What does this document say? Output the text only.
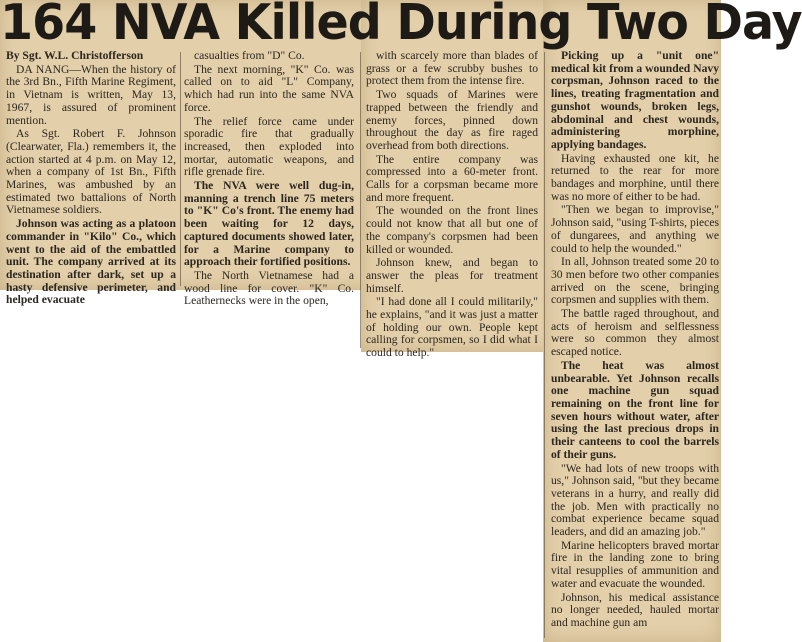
164 NVA Killed During Two Day

By Sgt. W.L. Christofferson

DA NANG—When the history of the 3rd Bn., Fifth Marine Regiment, in Vietnam is written, May 13, 1967, is assured of prominent mention.

As Sgt. Robert F. Johnson (Clearwater, Fla.) remembers it, the action started at 4 p.m. on May 12, when a company of 1st Bn., Fifth Marines, was ambushed by an estimated two battalions of North Vietnamese soldiers.

Johnson was acting as a platoon commander in "Kilo" Co., which went to the aid of the embattled unit. The company arrived at its destination after dark, set up a hasty defensive perimeter, and helped evacuate

casualties from "D" Co.

The next morning, "K" Co. was called on to aid "L" Company, which had run into the same NVA force.

The relief force came under sporadic fire that gradually increased, then exploded into mortar, automatic weapons, and rifle grenade fire.

The NVA were well dug-in, manning a trench line 75 meters to "K" Co's front. The enemy had been waiting for 12 days, captured documents showed later, for a Marine company to approach their fortified positions.

The North Vietnamese had a wood line for cover. "K" Co. Leathernecks were in the open,

with scarcely more than blades of grass or a few scrubby bushes to protect them from the intense fire.

Two squads of Marines were trapped between the friendly and enemy forces, pinned down throughout the day as fire raged overhead from both directions.

The entire company was compressed into a 60-meter front. Calls for a corpsman became more and more frequent.

The wounded on the front lines could not know that all but one of the company's corpsmen had been killed or wounded.

Johnson knew, and began to answer the pleas for treatment himself.

"I had done all I could militarily," he explains, "and it was just a matter of holding our own. People kept calling for corpsmen, so I did what I could to help."

Picking up a "unit one" medical kit from a wounded Navy corpsman, Johnson raced to the lines, treating fragmentation and gunshot wounds, broken legs, abdominal and chest wounds, administering morphine, applying bandages.

Having exhausted one kit, he returned to the rear for more bandages and morphine, until there was no more of either to be had.

"Then we began to improvise," Johnson said, "using T-shirts, pieces of dungarees, and anything we could to help the wounded."

In all, Johnson treated some 20 to 30 men before two other companies arrived on the scene, bringing corpsmen and supplies with them.

The battle raged throughout, and acts of heroism and selflessness were so common they almost escaped notice.

The heat was almost unbearable. Yet Johnson recalls one machine gun squad remaining on the front line for seven hours without water, after using the last precious drops in their canteens to cool the barrels of their guns.

"We had lots of new troops with us," Johnson said, "but they became veterans in a hurry, and really did the job. Men with practically no combat experience became squad leaders, and did an amazing job."

Marine helicopters braved mortar fire in the landing zone to bring vital resupplies of ammunition and water and evacuate the wounded.

Johnson, his medical assistance no longer needed, hauled mortar and machine gun am
